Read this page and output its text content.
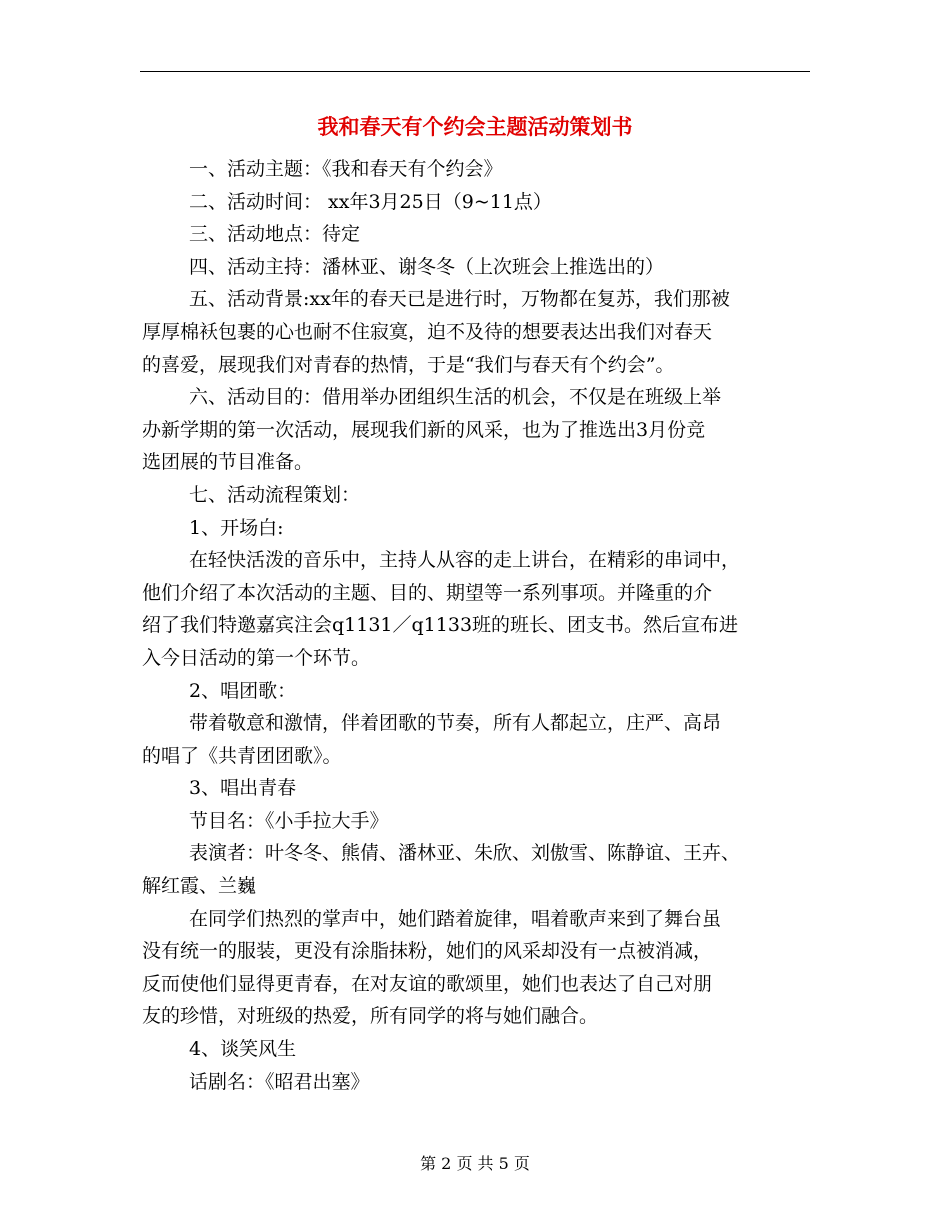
我和春天有个约会主题活动策划书
一、活动主题：《我和春天有个约会》
二、活动时间： xx年3月25日（9~11点）
三、活动地点：待定
四、活动主持：潘林亚、谢冬冬（上次班会上推选出的）
五、活动背景:xx年的春天已是进行时，万物都在复苏，我们那被
厚厚棉袄包裹的心也耐不住寂寞，迫不及待的想要表达出我们对春天
的喜爱，展现我们对青春的热情，于是“我们与春天有个约会”。
六、活动目的：借用举办团组织生活的机会，不仅是在班级上举
办新学期的第一次活动，展现我们新的风采，也为了推选出3月份竞
选团展的节目准备。
七、活动流程策划：
1、开场白:
在轻快活泼的音乐中，主持人从容的走上讲台，在精彩的串词中，
他们介绍了本次活动的主题、目的、期望等一系列事项。并隆重的介
绍了我们特邀嘉宾注会q1131／q1133班的班长、团支书。然后宣布进
入今日活动的第一个环节。
2、唱团歌：
带着敬意和激情，伴着团歌的节奏，所有人都起立，庄严、高昂
的唱了《共青团团歌》。
3、唱出青春
节目名：《小手拉大手》
表演者：叶冬冬、熊倩、潘林亚、朱欣、刘傲雪、陈静谊、王卉、
解红霞、兰巍
在同学们热烈的掌声中，她们踏着旋律，唱着歌声来到了舞台虽
没有统一的服装，更没有涂脂抹粉，她们的风采却没有一点被消减，
反而使他们显得更青春，在对友谊的歌颂里，她们也表达了自己对朋
友的珍惜，对班级的热爱，所有同学的将与她们融合。
4、谈笑风生
话剧名：《昭君出塞》
第 2 页 共 5 页
